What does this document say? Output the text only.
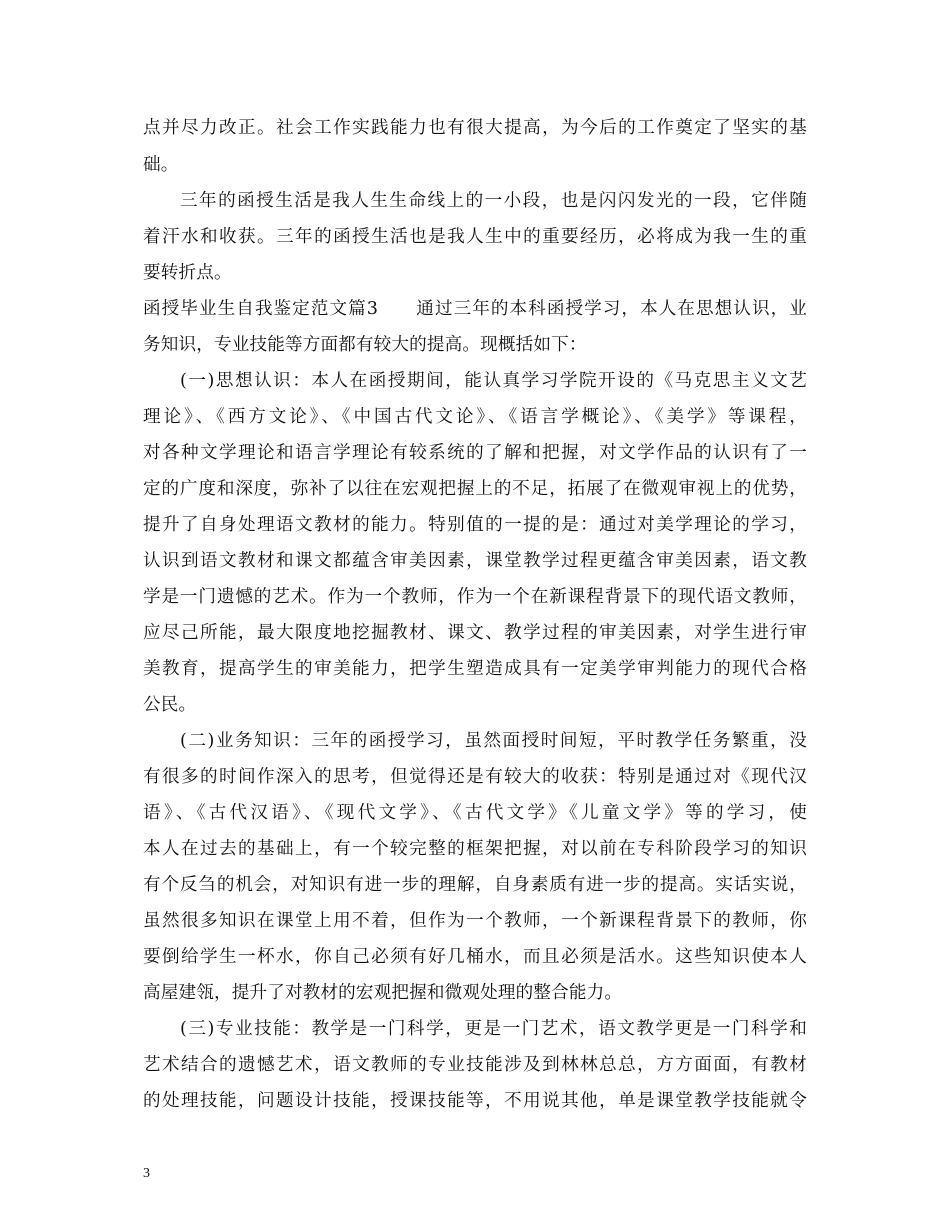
点并尽力改正。社会工作实践能力也有很大提高，为今后的工作奠定了坚实的基
础。
三年的函授生活是我人生生命线上的一小段，也是闪闪发光的一段，它伴随
着汗水和收获。三年的函授生活也是我人生中的重要经历，必将成为我一生的重
要转折点。
函授毕业生自我鉴定范文篇3　　通过三年的本科函授学习，本人在思想认识，业
务知识，专业技能等方面都有较大的提高。现概括如下：
(一)思想认识：本人在函授期间，能认真学习学院开设的《马克思主义文艺
理论》、《西方文论》、《中国古代文论》、《语言学概论》、《美学》等课程，
对各种文学理论和语言学理论有较系统的了解和把握，对文学作品的认识有了一
定的广度和深度，弥补了以往在宏观把握上的不足，拓展了在微观审视上的优势，
提升了自身处理语文教材的能力。特别值的一提的是：通过对美学理论的学习，
认识到语文教材和课文都蕴含审美因素，课堂教学过程更蕴含审美因素，语文教
学是一门遗憾的艺术。作为一个教师，作为一个在新课程背景下的现代语文教师，
应尽己所能，最大限度地挖掘教材、课文、教学过程的审美因素，对学生进行审
美教育，提高学生的审美能力，把学生塑造成具有一定美学审判能力的现代合格
公民。
(二)业务知识：三年的函授学习，虽然面授时间短，平时教学任务繁重，没
有很多的时间作深入的思考，但觉得还是有较大的收获：特别是通过对《现代汉
语》、《古代汉语》、《现代文学》、《古代文学》《儿童文学》等的学习，使
本人在过去的基础上，有一个较完整的框架把握，对以前在专科阶段学习的知识
有个反刍的机会，对知识有进一步的理解，自身素质有进一步的提高。实话实说，
虽然很多知识在课堂上用不着，但作为一个教师，一个新课程背景下的教师，你
要倒给学生一杯水，你自己必须有好几桶水，而且必须是活水。这些知识使本人
高屋建瓴，提升了对教材的宏观把握和微观处理的整合能力。
(三)专业技能：教学是一门科学，更是一门艺术，语文教学更是一门科学和
艺术结合的遗憾艺术，语文教师的专业技能涉及到林林总总，方方面面，有教材
的处理技能，问题设计技能，授课技能等，不用说其他，单是课堂教学技能就令
3
